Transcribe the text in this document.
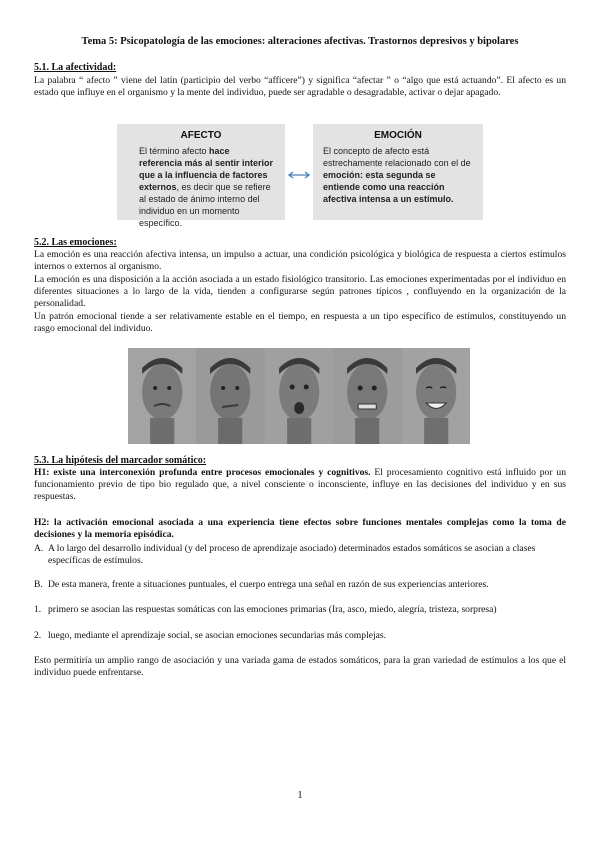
Tema 5: Psicopatología de las emociones: alteraciones afectivas. Trastornos depresivos y bipolares
5.1. La afectividad:
La palabra “ afecto ” viene del latín (participio del verbo “afficere”) y significa “afectar ” o “algo que está actuando”. El afecto es un estado que influye en el organismo y la mente del individuo, puede ser agradable o desagradable, activar o dejar apagado.
AFECTO
El término afecto hace referencia más al sentir interior que a la influencia de factores externos, es decir que se refiere al estado de ánimo interno del individuo en un momento específico.
EMOCIÓN
El concepto de afecto está estrechamente relacionado con el de emoción: esta segunda se entiende como una reacción afectiva intensa a un estímulo.
5.2. Las emociones:
La emoción es una reacción afectiva intensa, un impulso a actuar, una condición psicológica y biológica de respuesta a ciertos estímulos internos o externos al organismo.
La emoción es una disposición a la acción asociada a un estado fisiológico transitorio. Las emociones experimentadas por el individuo en diferentes situaciones a lo largo de la vida, tienden a configurarse según patrones típicos , confluyendo en la organización de la personalidad.
Un patrón emocional tiende a ser relativamente estable en el tiempo, en respuesta a un tipo específico de estímulos, constituyendo un rasgo emocional del individuo.
5.3. La hipótesis del marcador somático:
H1: existe una interconexión profunda entre procesos emocionales y cognitivos. El procesamiento cognitivo está influido por un funcionamiento previo de tipo bio regulado que, a nivel consciente o inconsciente, influye en las decisiones del individuo y en sus respuestas.
H2: la activación emocional asociada a una experiencia tiene efectos sobre funciones mentales complejas como la toma de decisiones y la memoria episódica.
A. A lo largo del desarrollo individual (y del proceso de aprendizaje asociado) determinados estados somáticos se asocian a clases específicas de estímulos.
B. De esta manera, frente a situaciones puntuales, el cuerpo entrega una señal en razón de sus experiencias anteriores.
1. primero se asocian las respuestas somáticas con las emociones primarias (Ira, asco, miedo, alegría, tristeza, sorpresa)
2. luego, mediante el aprendizaje social, se asocian emociones secundarias más complejas.
Esto permitiría un amplio rango de asociación y una variada gama de estados somáticos, para la gran variedad de estímulos a los que el individuo puede enfrentarse.
1
